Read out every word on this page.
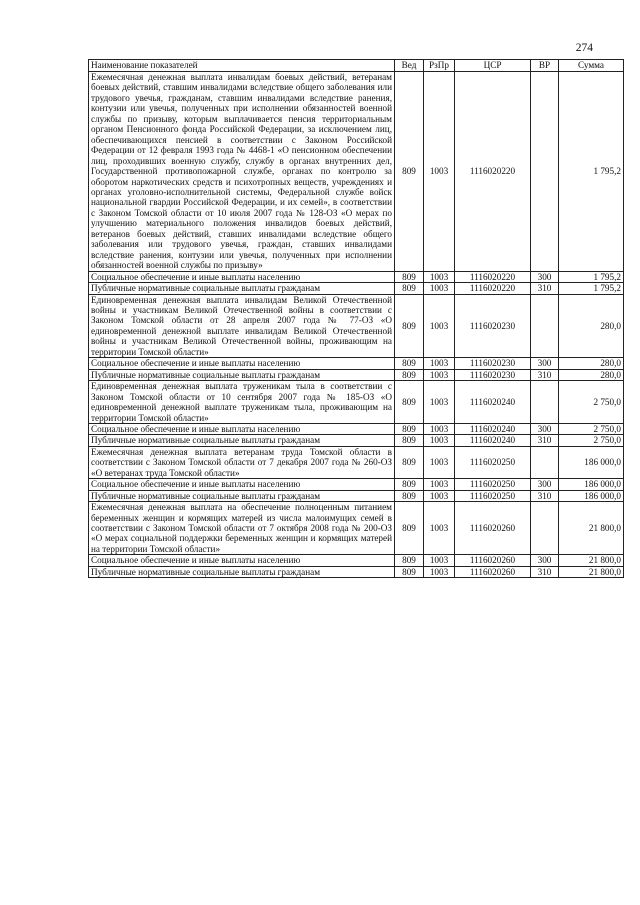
274
Наименование показателей	Вед	РзПр	ЦСР	ВР	Сумма
Ежемесячная денежная выплата инвалидам боевых действий, ветеранам боевых действий, ставшим инвалидами вследствие общего заболевания или трудового увечья, гражданам, ставшим инвалидами вследствие ранения, контузии или увечья, полученных при исполнении обязанностей военной службы по призыву, которым выплачивается пенсия территориальным органом Пенсионного фонда Российской Федерации, за исключением лиц, обеспечивающихся пенсией в соответствии с Законом Российской Федерации от 12 февраля 1993 года № 4468-1 «О пенсионном обеспечении лиц, проходивших военную службу, службу в органах внутренних дел, Государственной противопожарной службе, органах по контролю за оборотом наркотических средств и психотропных веществ, учреждениях и органах уголовно-исполнительной системы, Федеральной службе войск национальной гвардии Российской Федерации, и их семей», в соответствии с Законом Томской области от 10 июля 2007 года № 128-ОЗ «О мерах по улучшению материального положения инвалидов боевых действий, ветеранов боевых действий, ставших инвалидами вследствие общего заболевания или трудового увечья, граждан, ставших инвалидами вследствие ранения, контузии или увечья, полученных при исполнении обязанностей военной службы по призыву»	809	1003	1116020220		1 795,2
Социальное обеспечение и иные выплаты населению	809	1003	1116020220	300	1 795,2
Публичные нормативные социальные выплаты гражданам	809	1003	1116020220	310	1 795,2
Единовременная денежная выплата инвалидам Великой Отечественной войны и участникам Великой Отечественной войны в соответствии с Законом Томской области от 28 апреля 2007 года № 77-ОЗ «О единовременной денежной выплате инвалидам Великой Отечественной войны и участникам Великой Отечественной войны, проживающим на территории Томской области»	809	1003	1116020230		280,0
Социальное обеспечение и иные выплаты населению	809	1003	1116020230	300	280,0
Публичные нормативные социальные выплаты гражданам	809	1003	1116020230	310	280,0
Единовременная денежная выплата труженикам тыла в соответствии с Законом Томской области от 10 сентября 2007 года № 185-ОЗ «О единовременной денежной выплате труженикам тыла, проживающим на территории Томской области»	809	1003	1116020240		2 750,0
Социальное обеспечение и иные выплаты населению	809	1003	1116020240	300	2 750,0
Публичные нормативные социальные выплаты гражданам	809	1003	1116020240	310	2 750,0
Ежемесячная денежная выплата ветеранам труда Томской области в соответствии с Законом Томской области от 7 декабря 2007 года № 260-ОЗ «О ветеранах труда Томской области»	809	1003	1116020250		186 000,0
Социальное обеспечение и иные выплаты населению	809	1003	1116020250	300	186 000,0
Публичные нормативные социальные выплаты гражданам	809	1003	1116020250	310	186 000,0
Ежемесячная денежная выплата на обеспечение полноценным питанием беременных женщин и кормящих матерей из числа малоимущих семей в соответствии с Законом Томской области от 7 октября 2008 года № 200-ОЗ «О мерах социальной поддержки беременных женщин и кормящих матерей на территории Томской области»	809	1003	1116020260		21 800,0
Социальное обеспечение и иные выплаты населению	809	1003	1116020260	300	21 800,0
Публичные нормативные социальные выплаты гражданам	809	1003	1116020260	310	21 800,0
